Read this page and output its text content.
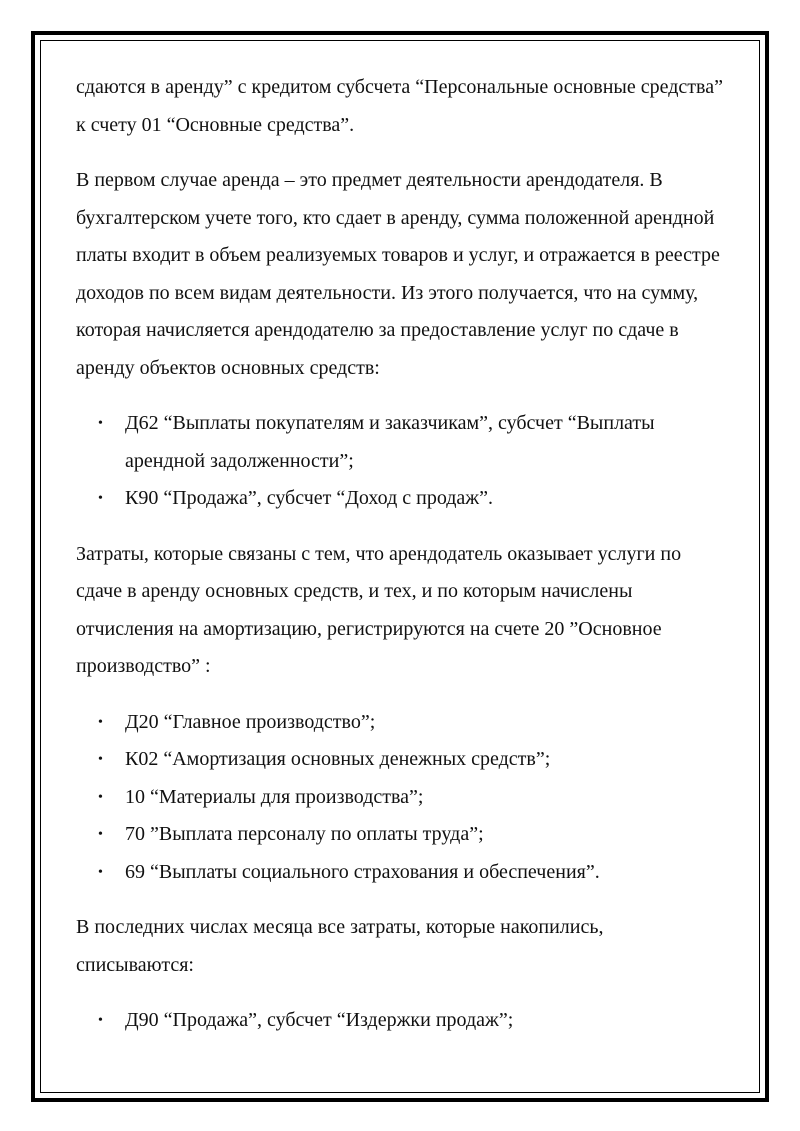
сдаются в аренду” с кредитом субсчета “Персональные основные средства” к счету 01 “Основные средства”.

В первом случае аренда – это предмет деятельности арендодателя. В бухгалтерском учете того, кто сдает в аренду, сумма положенной арендной платы входит в объем реализуемых товаров и услуг, и отражается в реестре доходов по всем видам деятельности. Из этого получается, что на сумму, которая начисляется арендодателю за предоставление услуг по сдаче в аренду объектов основных средств:

• Д62 “Выплаты покупателям и заказчикам”, субсчет “Выплаты арендной задолженности”;
• К90 “Продажа”, субсчет “Доход с продаж”.

Затраты, которые связаны с тем, что арендодатель оказывает услуги по сдаче в аренду основных средств, и тех, и по которым начислены отчисления на амортизацию, регистрируются на счете 20 ”Основное производство” :

• Д20 “Главное производство”;
• К02 “Амортизация основных денежных средств”;
• 10 “Материалы для производства”;
• 70 ”Выплата персоналу по оплаты труда”;
• 69 “Выплаты социального страхования и обеспечения”.

В последних числах месяца все затраты, которые накопились, списываются:

• Д90 “Продажа”, субсчет “Издержки продаж”;
